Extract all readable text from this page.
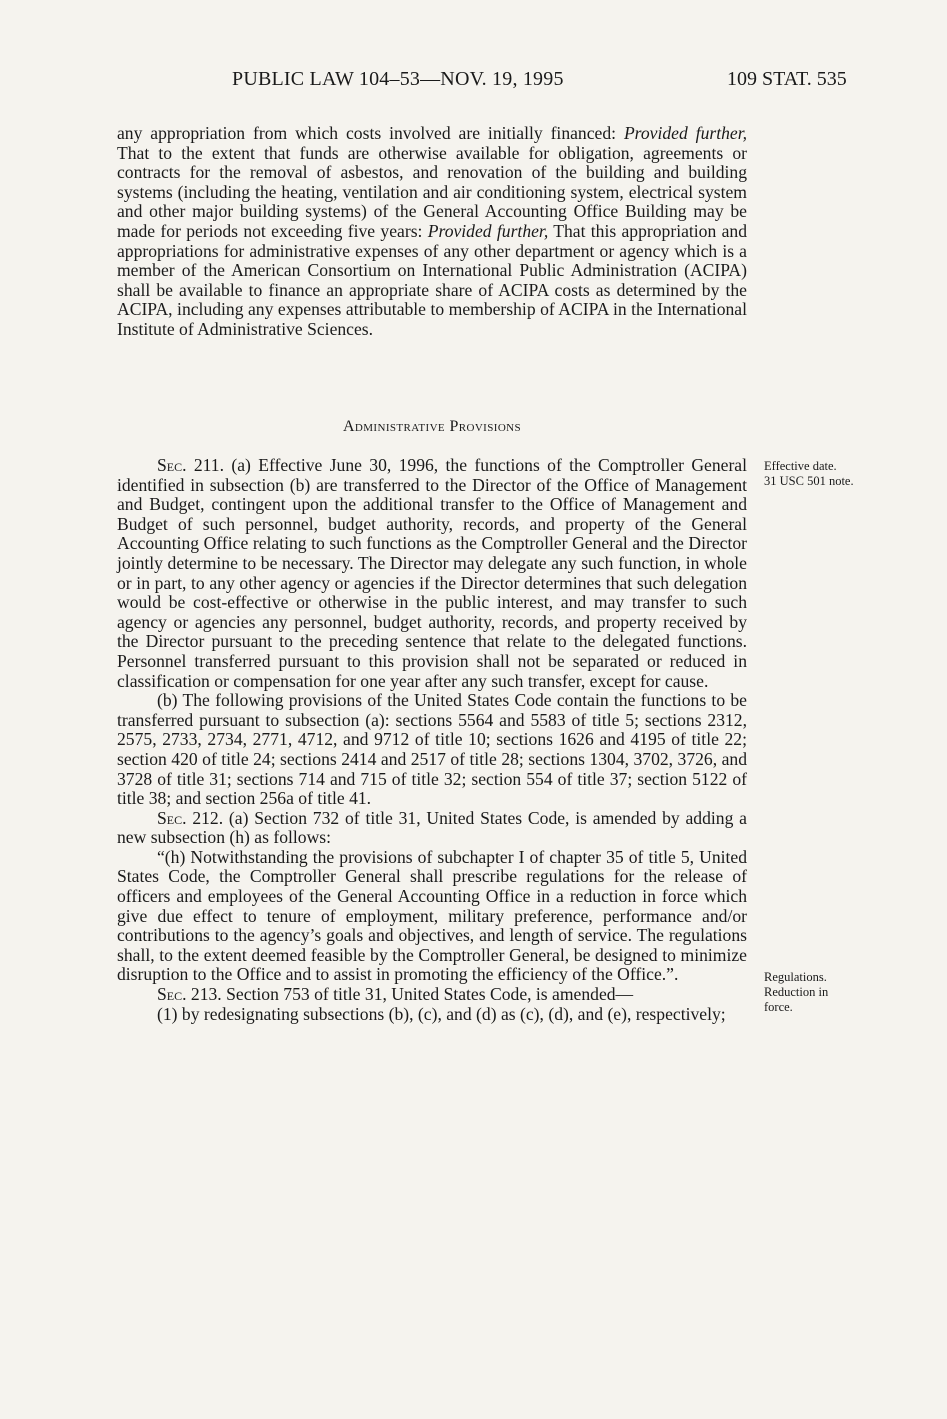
PUBLIC LAW 104–53—NOV. 19, 1995	109 STAT. 535

any appropriation from which costs involved are initially financed: Provided further, That to the extent that funds are otherwise available for obligation, agreements or contracts for the removal of asbestos, and renovation of the building and building systems (including the heating, ventilation and air conditioning system, electrical system and other major building systems) of the General Accounting Office Building may be made for periods not exceeding five years: Provided further, That this appropriation and appropriations for administrative expenses of any other department or agency which is a member of the American Consortium on International Public Administration (ACIPA) shall be available to finance an appropriate share of ACIPA costs as determined by the ACIPA, including any expenses attributable to membership of ACIPA in the International Institute of Administrative Sciences.

Administrative Provisions

Sec. 211. (a) Effective June 30, 1996, the functions of the Comptroller General identified in subsection (b) are transferred to the Director of the Office of Management and Budget, contingent upon the additional transfer to the Office of Management and Budget of such personnel, budget authority, records, and property of the General Accounting Office relating to such functions as the Comptroller General and the Director jointly determine to be necessary. The Director may delegate any such function, in whole or in part, to any other agency or agencies if the Director determines that such delegation would be cost-effective or otherwise in the public interest, and may transfer to such agency or agencies any personnel, budget authority, records, and property received by the Director pursuant to the preceding sentence that relate to the delegated functions. Personnel transferred pursuant to this provision shall not be separated or reduced in classification or compensation for one year after any such transfer, except for cause.

(b) The following provisions of the United States Code contain the functions to be transferred pursuant to subsection (a): sections 5564 and 5583 of title 5; sections 2312, 2575, 2733, 2734, 2771, 4712, and 9712 of title 10; sections 1626 and 4195 of title 22; section 420 of title 24; sections 2414 and 2517 of title 28; sections 1304, 3702, 3726, and 3728 of title 31; sections 714 and 715 of title 32; section 554 of title 37; section 5122 of title 38; and section 256a of title 41.

Sec. 212. (a) Section 732 of title 31, United States Code, is amended by adding a new subsection (h) as follows:

“(h) Notwithstanding the provisions of subchapter I of chapter 35 of title 5, United States Code, the Comptroller General shall prescribe regulations for the release of officers and employees of the General Accounting Office in a reduction in force which give due effect to tenure of employment, military preference, performance and/or contributions to the agency’s goals and objectives, and length of service. The regulations shall, to the extent deemed feasible by the Comptroller General, be designed to minimize disruption to the Office and to assist in promoting the efficiency of the Office.”.

Sec. 213. Section 753 of title 31, United States Code, is amended—

(1) by redesignating subsections (b), (c), and (d) as (c), (d), and (e), respectively;

Effective date.
31 USC 501 note.
Regulations.
Reduction in
force.
